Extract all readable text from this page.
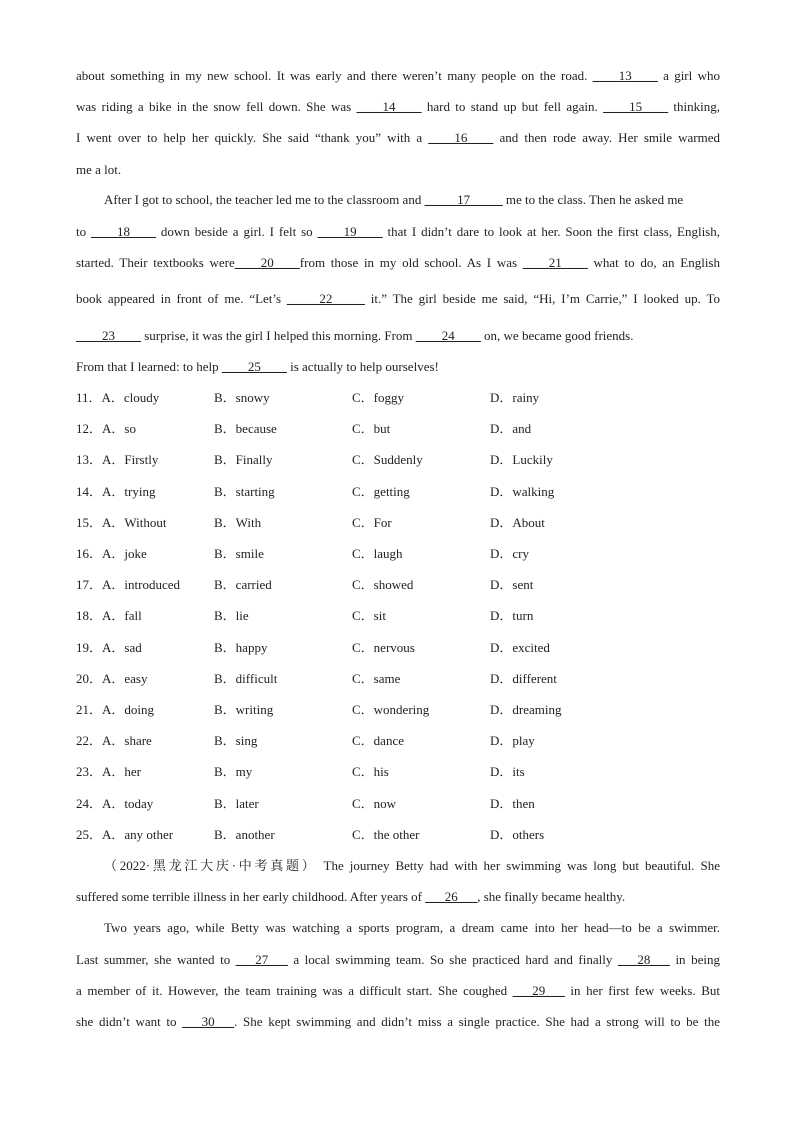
about something in my new school. It was early and there weren’t many people on the road. ____13____ a girl who
was riding a bike in the snow fell down. She was ____14____ hard to stand up but fell again. ____15____ thinking,
I went over to help her quickly. She said “thank you” with a ____16____ and then rode away. Her smile warmed
me a lot.
After I got to school, the teacher led me to the classroom and _____17_____ me to the class. Then he asked me
to ____18____ down beside a girl. I felt so ____19____ that I didn’t dare to look at her. Soon the first class, English,
started. Their textbooks were____20____from those in my old school. As I was ____21____ what to do, an English
book appeared in front of me. “Let’s _____22_____ it.” The girl beside me said, “Hi, I’m Carrie,” I looked up. To
____23____ surprise, it was the girl I helped this morning. From ____24____ on, we became good friends.
From that I learned: to help ____25____ is actually to help ourselves!
11．A．cloudy	B．snowy	C．foggy	D．rainy
12．A．so	B．because	C．but	D．and
13．A．Firstly	B．Finally	C．Suddenly	D．Luckily
14．A．trying	B．starting	C．getting	D．walking
15．A．Without	B．With	C．For	D．About
16．A．joke	B．smile	C．laugh	D．cry
17．A．introduced	B．carried	C．showed	D．sent
18．A．fall	B．lie	C．sit	D．turn
19．A．sad	B．happy	C．nervous	D．excited
20．A．easy	B．difficult	C．same	D．different
21．A．doing	B．writing	C．wondering	D．dreaming
22．A．share	B．sing	C．dance	D．play
23．A．her	B．my	C．his	D．its
24．A．today	B．later	C．now	D．then
25．A．any other	B．another	C．the other	D．others
（2022·黑龙江大庆·中考真题） The journey Betty had with her swimming was long but beautiful. She
suffered some terrible illness in her early childhood. After years of ___26___, she finally became healthy.
Two years ago, while Betty was watching a sports program, a dream came into her head—to be a swimmer.
Last summer, she wanted to ___27___ a local swimming team. So she practiced hard and finally ___28___ in being
a member of it. However, the team training was a difficult start. She coughed ___29___ in her first few weeks. But
she didn’t want to ___30___. She kept swimming and didn’t miss a single practice. She had a strong will to be the
